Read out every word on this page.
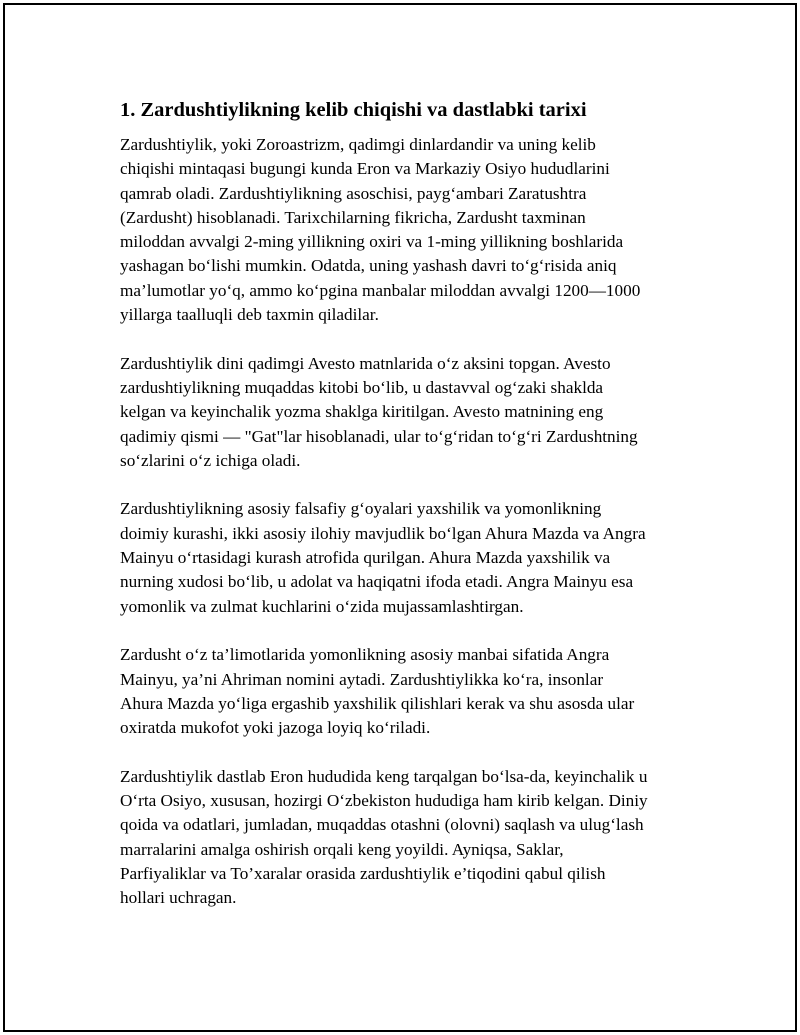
1. Zardushtiylikning kelib chiqishi va dastlabki tarixi

Zardushtiylik, yoki Zoroastrizm, qadimgi dinlardandir va uning kelib
chiqishi mintaqasi bugungi kunda Eron va Markaziy Osiyo hududlarini
qamrab oladi. Zardushtiylikning asoschisi, payg‘ambari Zaratushtra
(Zardusht) hisoblanadi. Tarixchilarning fikricha, Zardusht taxminan
miloddan avvalgi 2-ming yillikning oxiri va 1-ming yillikning boshlarida
yashagan bo‘lishi mumkin. Odatda, uning yashash davri to‘g‘risida aniq
ma’lumotlar yo‘q, ammo ko‘pgina manbalar miloddan avvalgi 1200—1000
yillarga taalluqli deb taxmin qiladilar.

Zardushtiylik dini qadimgi Avesto matnlarida o‘z aksini topgan. Avesto
zardushtiylikning muqaddas kitobi bo‘lib, u dastavval og‘zaki shaklda
kelgan va keyinchalik yozma shaklga kiritilgan. Avesto matnining eng
qadimiy qismi — "Gat"lar hisoblanadi, ular to‘g‘ridan to‘g‘ri Zardushtning
so‘zlarini o‘z ichiga oladi.

Zardushtiylikning asosiy falsafiy g‘oyalari yaxshilik va yomonlikning
doimiy kurashi, ikki asosiy ilohiy mavjudlik bo‘lgan Ahura Mazda va Angra
Mainyu o‘rtasidagi kurash atrofida qurilgan. Ahura Mazda yaxshilik va
nurning xudosi bo‘lib, u adolat va haqiqatni ifoda etadi. Angra Mainyu esa
yomonlik va zulmat kuchlarini o‘zida mujassamlashtirgan.

Zardusht o‘z ta’limotlarida yomonlikning asosiy manbai sifatida Angra
Mainyu, ya’ni Ahriman nomini aytadi. Zardushtiylikka ko‘ra, insonlar
Ahura Mazda yo‘liga ergashib yaxshilik qilishlari kerak va shu asosda ular
oxiratda mukofot yoki jazoga loyiq ko‘riladi.

Zardushtiylik dastlab Eron hududida keng tarqalgan bo‘lsa-da, keyinchalik u
O‘rta Osiyo, xususan, hozirgi O‘zbekiston hududiga ham kirib kelgan. Diniy
qoida va odatlari, jumladan, muqaddas otashni (olovni) saqlash va ulug‘lash
marralarini amalga oshirish orqali keng yoyildi. Ayniqsa, Saklar,
Parfiyaliklar va To’xaralar orasida zardushtiylik e’tiqodini qabul qilish
hollari uchragan.
